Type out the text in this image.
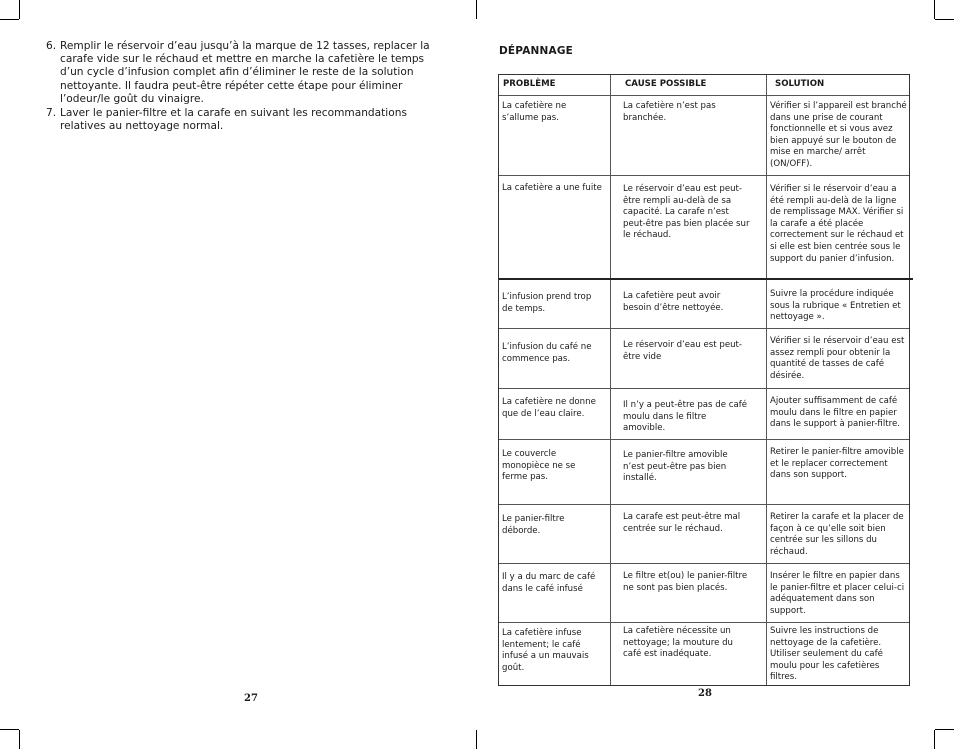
6. Remplir le réservoir d’eau jusqu’à la marque de 12 tasses, replacer la carafe vide sur le réchaud et mettre en marche la cafetière le temps d’un cycle d’infusion complet afin d’éliminer le reste de la solution nettoyante. Il faudra peut-être répéter cette étape pour éliminer l’odeur/le goût du vinaigre.
7. Laver le panier-filtre et la carafe en suivant les recommandations relatives au nettoyage normal.
27
DÉPANNAGE
PROBLÈME	CAUSE POSSIBLE	SOLUTION
La cafetière ne s’allume pas.
La cafetière n’est pas branchée.
Vérifier si l’appareil est branché dans une prise de courant fonctionnelle et si vous avez bien appuyé sur le bouton de mise en marche/ arrêt (ON/OFF).
La cafetière a une fuite Le réservoir d’eau est peut-être rempli au-delà de sa capacité. La carafe n’est peut-être pas bien placée sur le réchaud.
Vérifier si le réservoir d’eau a été rempli au-delà de la ligne de remplissage MAX. Vérifier si la carafe a été placée correctement sur le réchaud et si elle est bien centrée sous le support du panier d’infusion.
L’infusion prend trop de temps.
La cafetière peut avoir besoin d’être nettoyée.
Suivre la procédure indiquée sous la rubrique « Entretien et nettoyage ».
L’infusion du café ne commence pas.
Le réservoir d’eau est peut-être vide
Vérifier si le réservoir d’eau est assez rempli pour obtenir la quantité de tasses de café désirée.
La cafetière ne donne que de l’eau claire.
Il n’y a peut-être pas de café moulu dans le filtre amovible.
Ajouter suffisamment de café moulu dans le filtre en papier dans le support à panier-filtre.
Le couvercle monopièce ne se ferme pas.
Le panier-filtre amovible n’est peut-être pas bien installé.
Retirer le panier-filtre amovible et le replacer correctement dans son support.
Le panier-filtre déborde.
La carafe est peut-être mal centrée sur le réchaud.
Retirer la carafe et la placer de façon à ce qu’elle soit bien centrée sur les sillons du réchaud.
Il y a du marc de café dans le café infusé
Le filtre et(ou) le panier-filtre ne sont pas bien placés.
Insérer le filtre en papier dans le panier-filtre et placer celui-ci adéquatement dans son support.
La cafetière infuse lentement; le café infusé a un mauvais goût.
La cafetière nécessite un nettoyage; la mouture du café est inadéquate.
Suivre les instructions de nettoyage de la cafetière. Utiliser seulement du café moulu pour les cafetières filtres.
28
